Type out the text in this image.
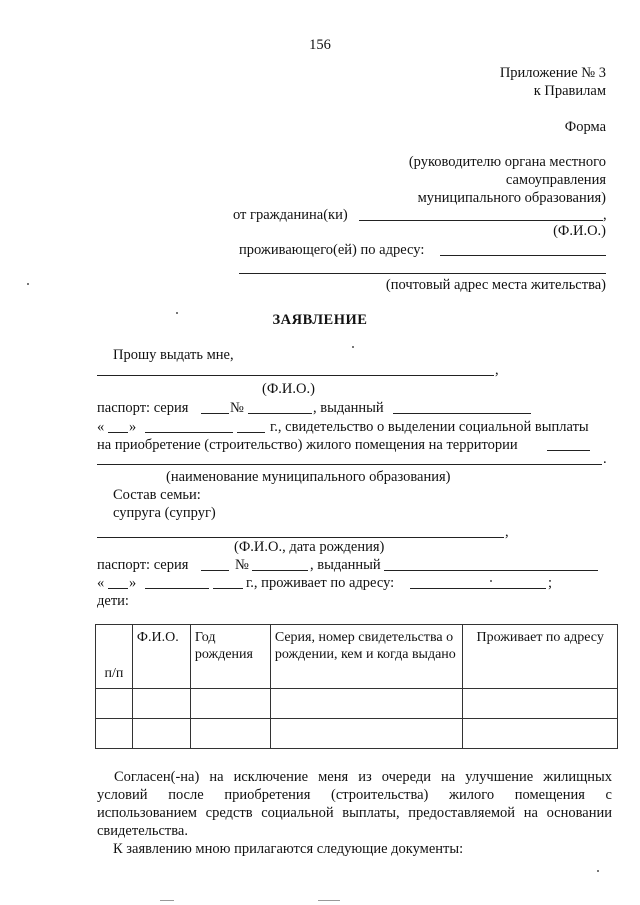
156
Приложение № 3
к Правилам
Форма
(руководителю органа местного
самоуправления
муниципального образования)
от гражданина(ки)	,
(Ф.И.О.)
проживающего(ей) по адресу:
(почтовый адрес места жительства)
ЗАЯВЛЕНИЕ
Прошу выдать мне,
,
(Ф.И.О.)
паспорт: серия	№	, выданный
« »	г., свидетельство о выделении социальной выплаты
на приобретение (строительство) жилого помещения на территории
.
(наименование муниципального образования)
Состав семьи:
супруга (супруг)
,
(Ф.И.О., дата рождения)
паспорт: серия	№	, выданный
« »	г., проживает по адресу:	;
дети:
п/п	Ф.И.О.	Год рождения	Серия, номер свидетельства о рождении, кем и когда выдано	Проживает по адресу

Согласен(-на) на исключение меня из очереди на улучшение жилищных условий после приобретения (строительства) жилого помещения с использованием средств социальной выплаты, предоставляемой на основании свидетельства.
К заявлению мною прилагаются следующие документы:
